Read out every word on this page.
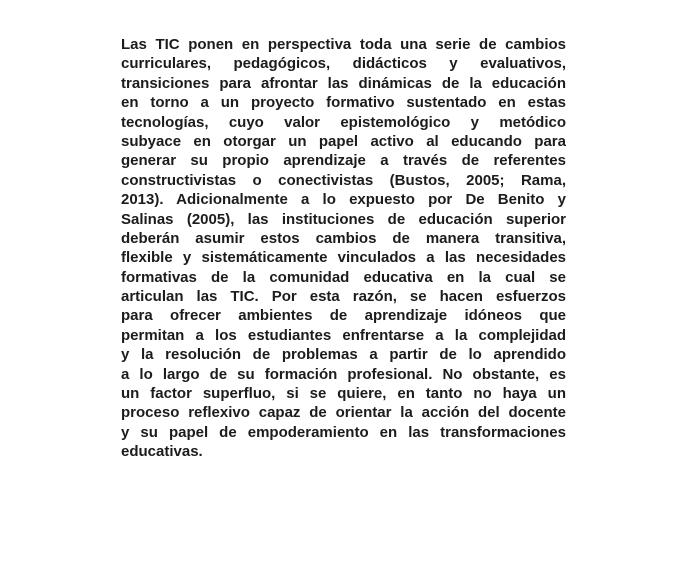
Las TIC ponen en perspectiva toda una serie de cambios
curriculares, pedagógicos, didácticos y evaluativos,
transiciones para afrontar las dinámicas de la educación
en torno a un proyecto formativo sustentado en estas
tecnologías, cuyo valor epistemológico y metódico
subyace en otorgar un papel activo al educando para
generar su propio aprendizaje a través de referentes
constructivistas o conectivistas (Bustos, 2005; Rama,
2013). Adicionalmente a lo expuesto por De Benito y
Salinas (2005), las instituciones de educación superior
deberán asumir estos cambios de manera transitiva,
flexible y sistemáticamente vinculados a las necesidades
formativas de la comunidad educativa en la cual se
articulan las TIC. Por esta razón, se hacen esfuerzos
para ofrecer ambientes de aprendizaje idóneos que
permitan a los estudiantes enfrentarse a la complejidad
y la resolución de problemas a partir de lo aprendido
a lo largo de su formación profesional. No obstante, es
un factor superfluo, si se quiere, en tanto no haya un
proceso reflexivo capaz de orientar la acción del docente
y su papel de empoderamiento en las transformaciones
educativas.
